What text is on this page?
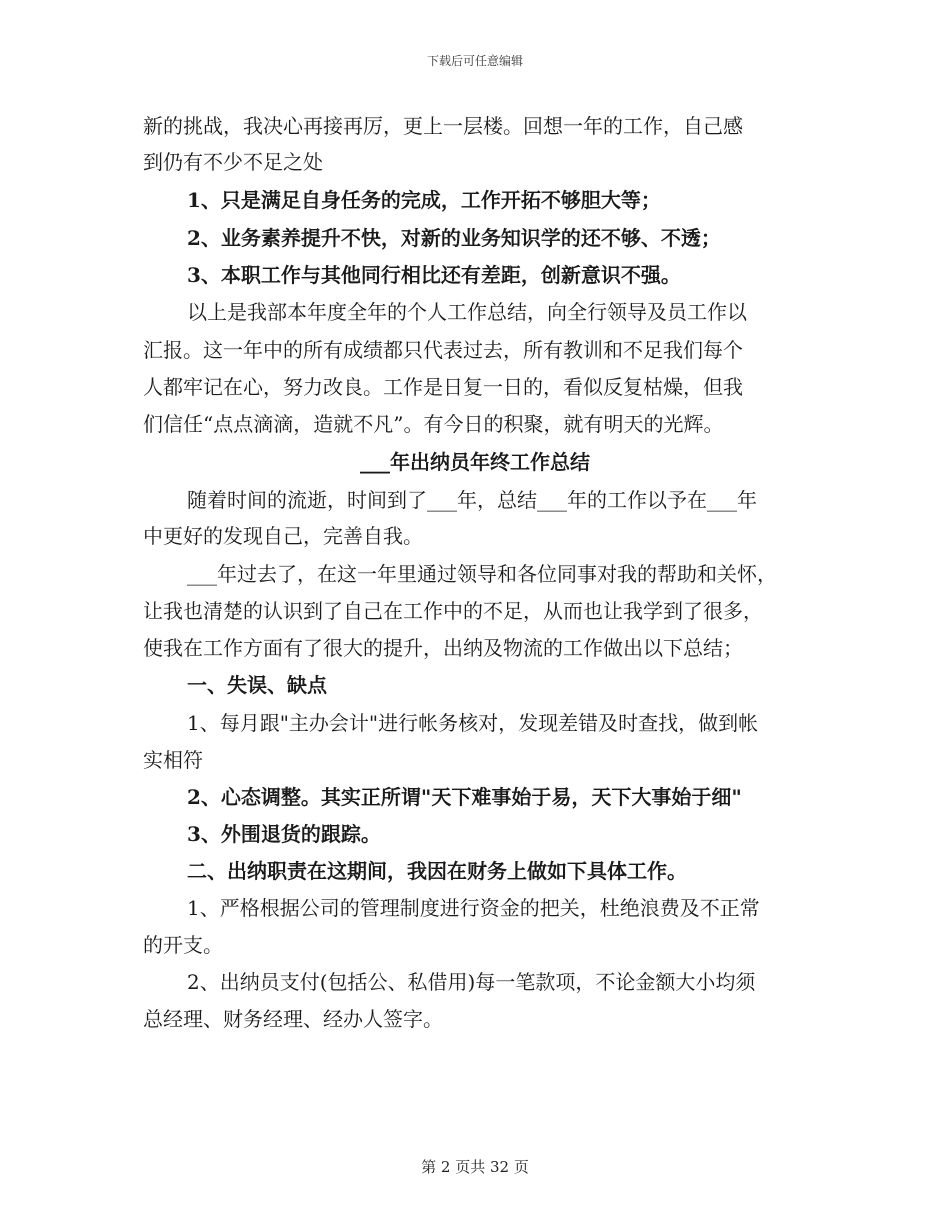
下载后可任意编辑
新的挑战，我决心再接再厉，更上一层楼。回想一年的工作，自己感
到仍有不少不足之处
1、只是满足自身任务的完成，工作开拓不够胆大等；
2、业务素养提升不快，对新的业务知识学的还不够、不透；
3、本职工作与其他同行相比还有差距，创新意识不强。
以上是我部本年度全年的个人工作总结，向全行领导及员工作以
汇报。这一年中的所有成绩都只代表过去，所有教训和不足我们每个
人都牢记在心，努力改良。工作是日复一日的，看似反复枯燥，但我
们信任“点点滴滴，造就不凡”。有今日的积聚，就有明天的光辉。
___年出纳员年终工作总结
随着时间的流逝，时间到了___年，总结___年的工作以予在___年
中更好的发现自己，完善自我。
___年过去了，在这一年里通过领导和各位同事对我的帮助和关怀，
让我也清楚的认识到了自己在工作中的不足，从而也让我学到了很多，
使我在工作方面有了很大的提升，出纳及物流的工作做出以下总结；
一、失误、缺点
1、每月跟"主办会计"进行帐务核对，发现差错及时查找，做到帐
实相符
2、心态调整。其实正所谓"天下难事始于易，天下大事始于细"
3、外围退货的跟踪。
二、出纳职责在这期间，我因在财务上做如下具体工作。
1、严格根据公司的管理制度进行资金的把关，杜绝浪费及不正常
的开支。
2、出纳员支付(包括公、私借用)每一笔款项，不论金额大小均须
总经理、财务经理、经办人签字。
第 2 页共 32 页
